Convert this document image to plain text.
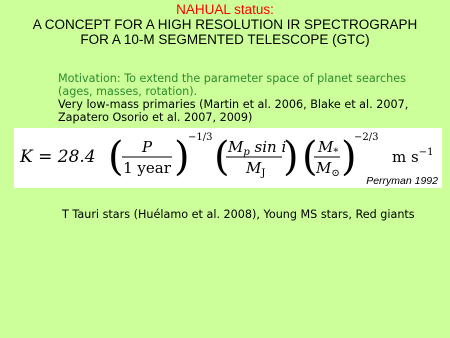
NAHUAL status:
A CONCEPT FOR A HIGH RESOLUTION IR SPECTROGRAPH
FOR A 10-M SEGMENTED TELESCOPE (GTC)
Motivation: To extend the parameter space of planet searches
(ages, masses, rotation).
Very low-mass primaries (Martin et al. 2006, Blake et al. 2007,
Zapatero Osorio et al. 2007, 2009)
K = 28.4 ( P
1 year )
−1/3 (
$M_p$ sin i
$M_J$ ) ( $M_*$
$M_⊙$ )
−2/3
m $s^{-1}$
Perryman 1992
T Tauri stars (Huélamo et al. 2008), Young MS stars, Red giants
